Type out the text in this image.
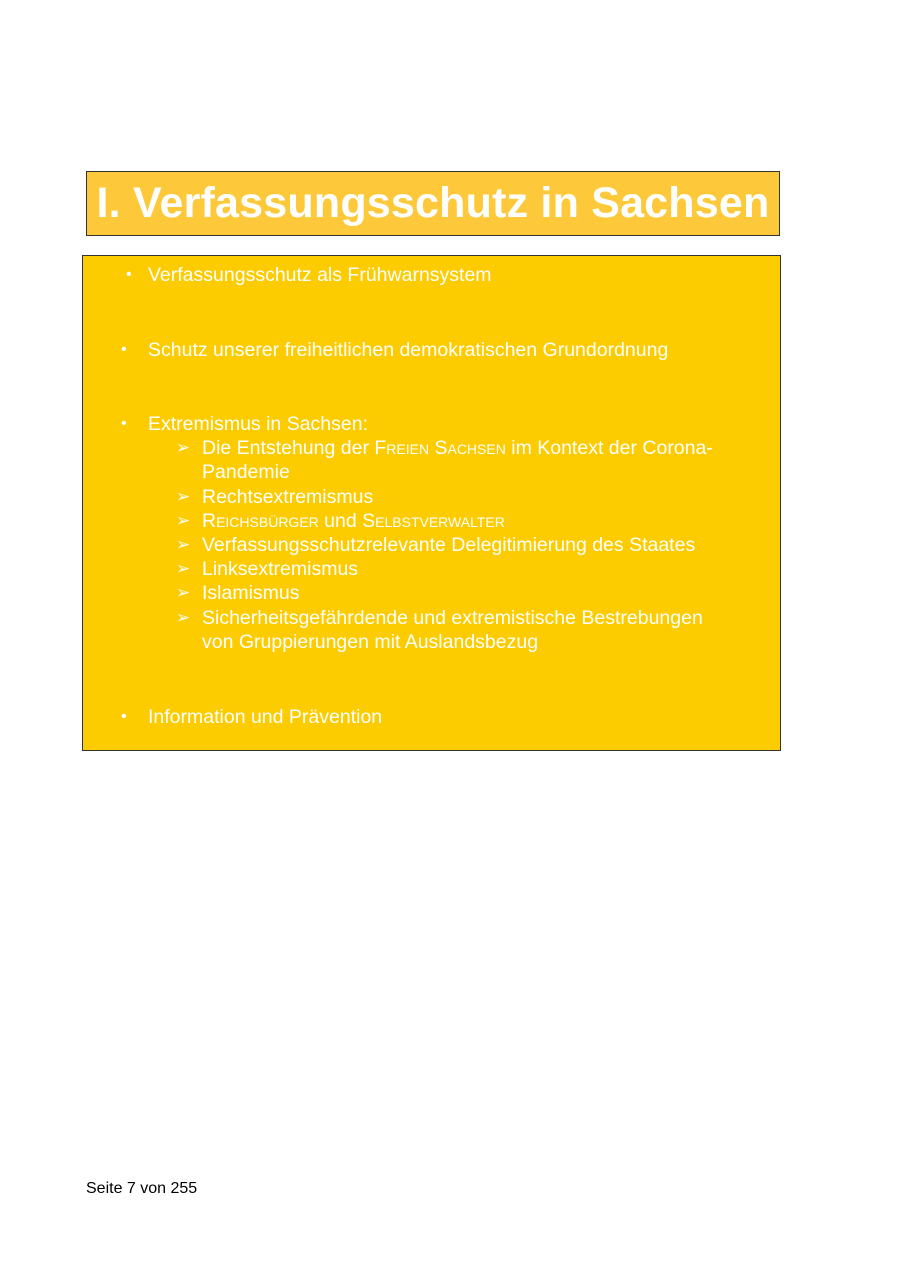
I. Verfassungsschutz in Sachsen
• Verfassungsschutz als Frühwarnsystem
• Schutz unserer freiheitlichen demokratischen Grundordnung
• Extremismus in Sachsen:
➢ Die Entstehung der Freien Sachsen im Kontext der Corona-
Pandemie
➢ Rechtsextremismus
➢ Reichsbürger und Selbstverwalter
➢ Verfassungsschutzrelevante Delegitimierung des Staates
➢ Linksextremismus
➢ Islamismus
➢ Sicherheitsgefährdende und extremistische Bestrebungen
von Gruppierungen mit Auslandsbezug
• Information und Prävention
Seite 7 von 255
